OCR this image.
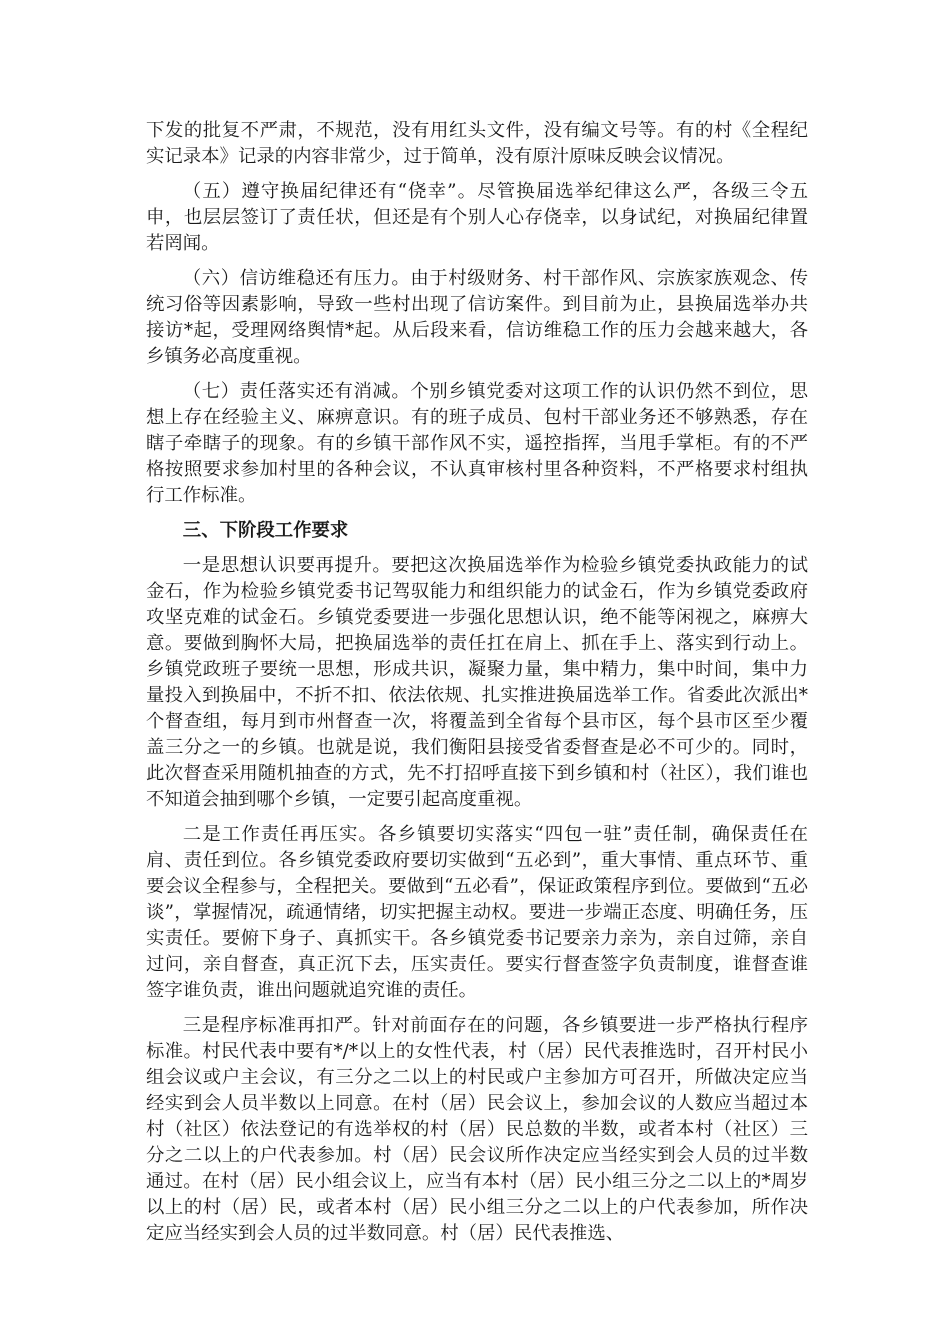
下发的批复不严肃，不规范，没有用红头文件，没有编文号等。有的村《全程纪实记录本》记录的内容非常少，过于简单，没有原汁原味反映会议情况。

（五）遵守换届纪律还有“侥幸”。尽管换届选举纪律这么严，各级三令五申，也层层签订了责任状，但还是有个别人心存侥幸，以身试纪，对换届纪律置若罔闻。

（六）信访维稳还有压力。由于村级财务、村干部作风、宗族家族观念、传统习俗等因素影响，导致一些村出现了信访案件。到目前为止，县换届选举办共接访*起，受理网络舆情*起。从后段来看，信访维稳工作的压力会越来越大，各乡镇务必高度重视。

（七）责任落实还有消减。个别乡镇党委对这项工作的认识仍然不到位，思想上存在经验主义、麻痹意识。有的班子成员、包村干部业务还不够熟悉，存在瞎子牵瞎子的现象。有的乡镇干部作风不实，遥控指挥，当甩手掌柜。有的不严格按照要求参加村里的各种会议，不认真审核村里各种资料，不严格要求村组执行工作标准。

三、下阶段工作要求

一是思想认识要再提升。要把这次换届选举作为检验乡镇党委执政能力的试金石，作为检验乡镇党委书记驾驭能力和组织能力的试金石，作为乡镇党委政府攻坚克难的试金石。乡镇党委要进一步强化思想认识，绝不能等闲视之，麻痹大意。要做到胸怀大局，把换届选举的责任扛在肩上、抓在手上、落实到行动上。乡镇党政班子要统一思想，形成共识，凝聚力量，集中精力，集中时间，集中力量投入到换届中，不折不扣、依法依规、扎实推进换届选举工作。省委此次派出*个督查组，每月到市州督查一次，将覆盖到全省每个县市区，每个县市区至少覆盖三分之一的乡镇。也就是说，我们衡阳县接受省委督查是必不可少的。同时，此次督查采用随机抽查的方式，先不打招呼直接下到乡镇和村（社区），我们谁也不知道会抽到哪个乡镇，一定要引起高度重视。

二是工作责任再压实。各乡镇要切实落实“四包一驻”责任制，确保责任在肩、责任到位。各乡镇党委政府要切实做到“五必到”，重大事情、重点环节、重要会议全程参与，全程把关。要做到“五必看”，保证政策程序到位。要做到“五必谈”，掌握情况，疏通情绪，切实把握主动权。要进一步端正态度、明确任务，压实责任。要俯下身子、真抓实干。各乡镇党委书记要亲力亲为，亲自过筛，亲自过问，亲自督查，真正沉下去，压实责任。要实行督查签字负责制度，谁督查谁签字谁负责，谁出问题就追究谁的责任。

三是程序标准再扣严。针对前面存在的问题，各乡镇要进一步严格执行程序标准。村民代表中要有*/*以上的女性代表，村（居）民代表推选时，召开村民小组会议或户主会议，有三分之二以上的村民或户主参加方可召开，所做决定应当经实到会人员半数以上同意。在村（居）民会议上，参加会议的人数应当超过本村（社区）依法登记的有选举权的村（居）民总数的半数，或者本村（社区）三分之二以上的户代表参加。村（居）民会议所作决定应当经实到会人员的过半数通过。在村（居）民小组会议上，应当有本村（居）民小组三分之二以上的*周岁以上的村（居）民，或者本村（居）民小组三分之二以上的户代表参加，所作决定应当经实到会人员的过半数同意。村（居）民代表推选、
